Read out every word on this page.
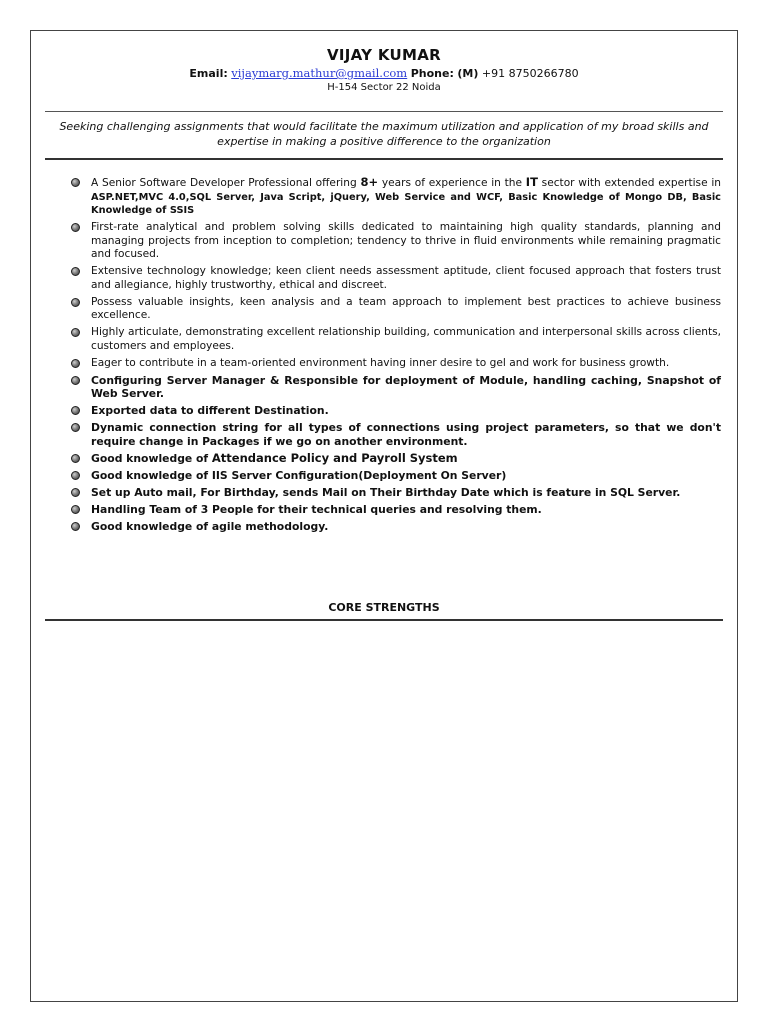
VIJAY KUMAR
Email: vijaymarg.mathur@gmail.com Phone: (M) +91 8750266780
H-154 Sector 22 Noida
Seeking challenging assignments that would facilitate the maximum utilization and application of my broad skills and expertise in making a positive difference to the organization
A Senior Software Developer Professional offering 8+ years of experience in the IT sector with extended expertise in ASP.NET,MVC 4.0,SQL Server, Java Script, jQuery, Web Service and WCF, Basic Knowledge of Mongo DB, Basic Knowledge of SSIS
First-rate analytical and problem solving skills dedicated to maintaining high quality standards, planning and managing projects from inception to completion; tendency to thrive in fluid environments while remaining pragmatic and focused.
Extensive technology knowledge; keen client needs assessment aptitude, client focused approach that fosters trust and allegiance, highly trustworthy, ethical and discreet.
Possess valuable insights, keen analysis and a team approach to implement best practices to achieve business excellence.
Highly articulate, demonstrating excellent relationship building, communication and interpersonal skills across clients, customers and employees.
Eager to contribute in a team-oriented environment having inner desire to gel and work for business growth.
Configuring Server Manager & Responsible for deployment of Module, handling caching, Snapshot of Web Server.
Exported data to different Destination.
Dynamic connection string for all types of connections using project parameters, so that we don't require change in Packages if we go on another environment.
Good knowledge of Attendance Policy and Payroll System
Good knowledge of IIS Server Configuration(Deployment On Server)
Set up Auto mail, For Birthday, sends Mail on Their Birthday Date which is feature in SQL Server.
Handling Team of 3 People for their technical queries and resolving them.
Good knowledge of agile methodology.
CORE STRENGTHS
